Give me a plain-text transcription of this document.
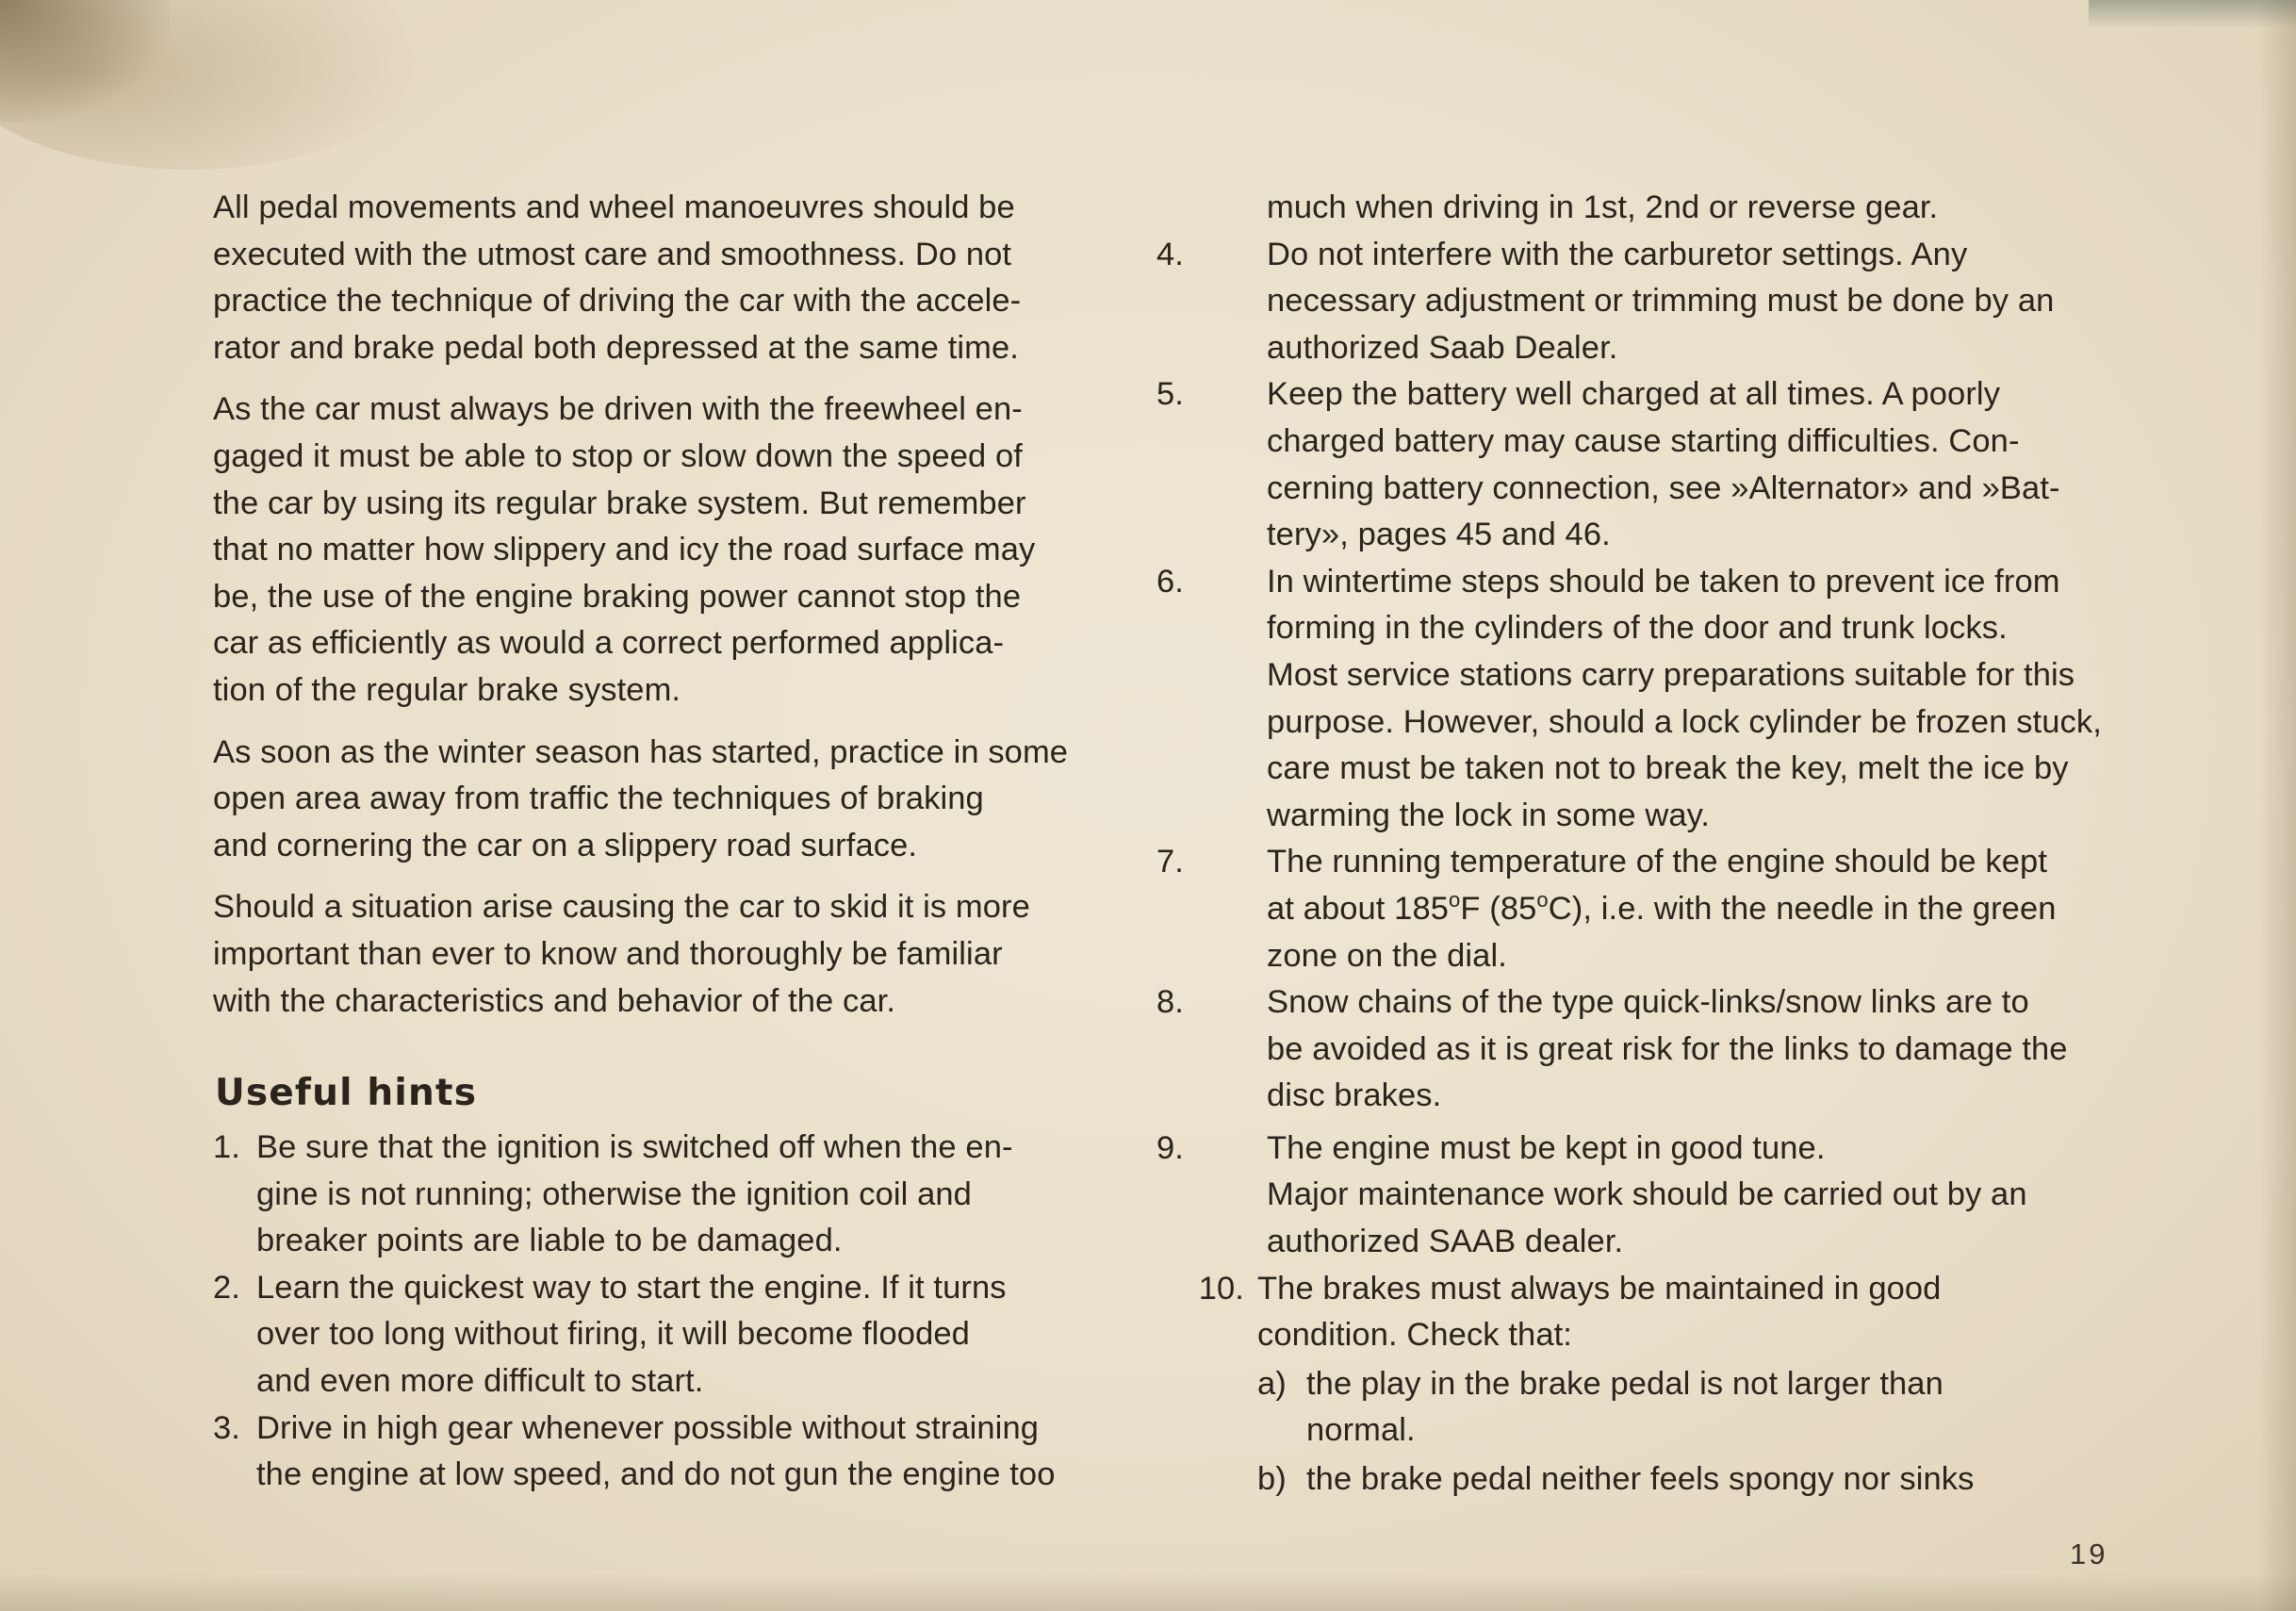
All pedal movements and wheel manoeuvres should be
executed with the utmost care and smoothness. Do not
practice the technique of driving the car with the accele-
rator and brake pedal both depressed at the same time.
As the car must always be driven with the freewheel en-
gaged it must be able to stop or slow down the speed of
the car by using its regular brake system. But remember
that no matter how slippery and icy the road surface may
be, the use of the engine braking power cannot stop the
car as efficiently as would a correct performed applica-
tion of the regular brake system.
As soon as the winter season has started, practice in some
open area away from traffic the techniques of braking
and cornering the car on a slippery road surface.
Should a situation arise causing the car to skid it is more
important than ever to know and thoroughly be familiar
with the characteristics and behavior of the car.
Useful hints
1. Be sure that the ignition is switched off when the en-
gine is not running; otherwise the ignition coil and
breaker points are liable to be damaged.
2. Learn the quickest way to start the engine. If it turns
over too long without firing, it will become flooded
and even more difficult to start.
3. Drive in high gear whenever possible without straining
the engine at low speed, and do not gun the engine too
much when driving in 1st, 2nd or reverse gear.
4.	Do not interfere with the carburetor settings. Any
necessary adjustment or trimming must be done by an
authorized Saab Dealer.
5.	Keep the battery well charged at all times. A poorly
charged battery may cause starting difficulties. Con-
cerning battery connection, see »Alternator» and »Bat-
tery», pages 45 and 46.
6.	In wintertime steps should be taken to prevent ice from
forming in the cylinders of the door and trunk locks.
Most service stations carry preparations suitable for this
purpose. However, should a lock cylinder be frozen stuck,
care must be taken not to break the key, melt the ice by
warming the lock in some way.
7.	The running temperature of the engine should be kept
at about 185$^o$F (85$^o$C), i.e. with the needle in the green
zone on the dial.
8.	Snow chains of the type quick-links/snow links are to
be avoided as it is great risk for the links to damage the
disc brakes.
9.	The engine must be kept in good tune.
Major maintenance work should be carried out by an
authorized SAAB dealer.
10. The brakes must always be maintained in good
condition. Check that:
a) the play in the brake pedal is not larger than
normal.
b) the brake pedal neither feels spongy nor sinks
19
